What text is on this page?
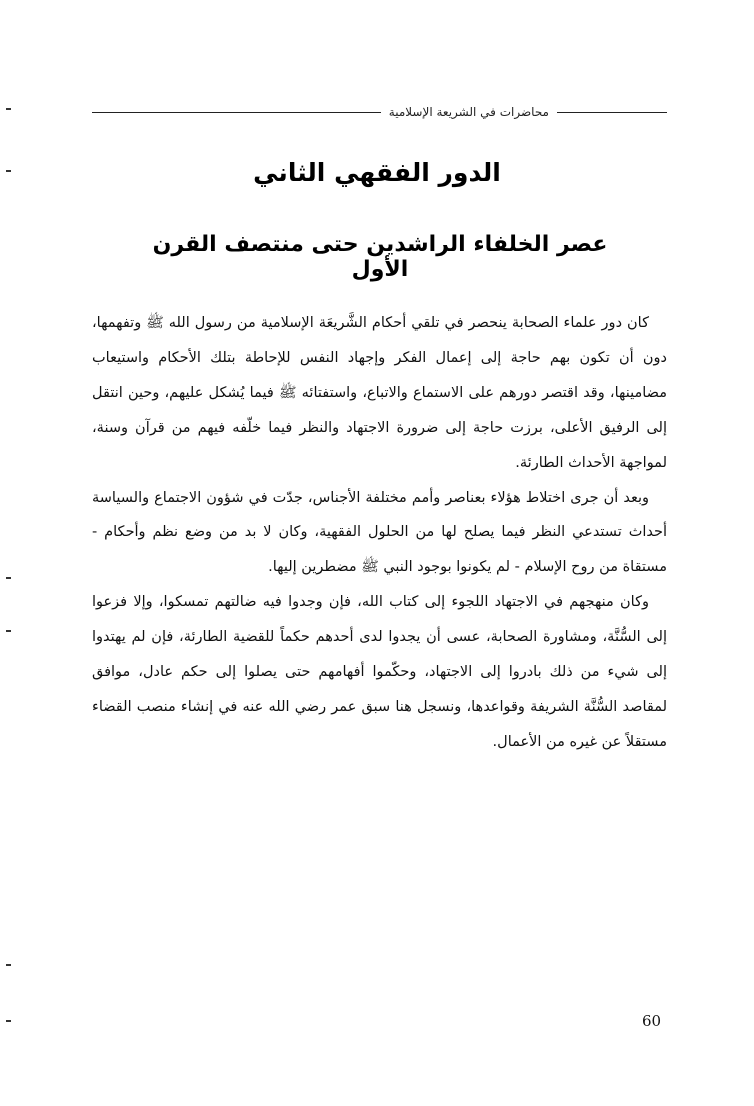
محاضرات في الشريعة الإسلامية
الدور الفقهي الثاني
عصر الخلفاء الراشدين حتى منتصف القرن الأول

كان دور علماء الصحابة ينحصر في تلقي أحكام الشَّريعَة الإسلامية من رسول الله ﷺ وتفهمها، دون أن تكون بهم حاجة إلى إعمال الفكر وإجهاد النفس للإحاطة بتلك الأحكام واستيعاب مضامينها، وقد اقتصر دورهم على الاستماع والاتباع، واستفتائه ﷺ فيما يُشكل عليهم، وحين انتقل إلى الرفيق الأعلى، برزت حاجة إلى ضرورة الاجتهاد والنظر فيما خلّفه فيهم من قرآن وسنة، لمواجهة الأحداث الطارئة.

وبعد أن جرى اختلاط هؤلاء بعناصر وأمم مختلفة الأجناس، جدّت في شؤون الاجتماع والسياسة أحداث تستدعي النظر فيما يصلح لها من الحلول الفقهية، وكان لا بد من وضع نظم وأحكام - مستقاة من روح الإسلام - لم يكونوا بوجود النبي ﷺ مضطرين إليها.

وكان منهجهم في الاجتهاد اللجوء إلى كتاب الله، فإن وجدوا فيه ضالتهم تمسكوا، وإلا فزعوا إلى السُّنَّة، ومشاورة الصحابة، عسى أن يجدوا لدى أحدهم حكماً للقضية الطارئة، فإن لم يهتدوا إلى شيء من ذلك بادروا إلى الاجتهاد، وحكّموا أفهامهم حتى يصلوا إلى حكم عادل، موافق لمقاصد السُّنَّة الشريفة وقواعدها، ونسجل هنا سبق عمر رضي الله عنه في إنشاء منصب القضاء مستقلاً عن غيره من الأعمال.

60
